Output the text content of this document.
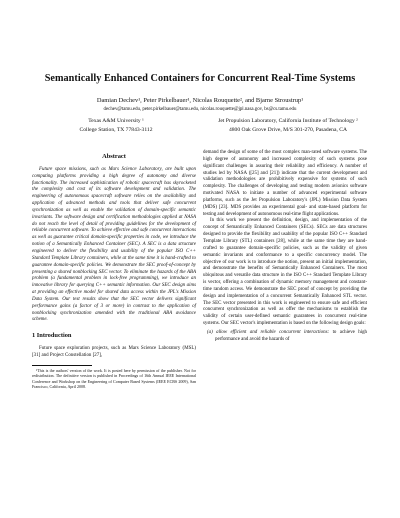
Semantically Enhanced Containers for Concurrent Real-Time Systems
Damian Dechev¹, Peter Pirkelbauer¹, Nicolas Rouquette², and Bjarne Stroustrup¹
dechev@tamu.edu, peter.pirkelbauer@tamu.edu, nicolas.rouquette@jpl.nasa.gov, bs@cs.tamu.edu
Texas A&M University ¹
College Station, TX 77843-3112
Jet Propulsion Laboratory, California Institute of Technology ²
4800 Oak Grove Drive, M/S 301-270, Pasadena, CA
Abstract

Future space missions, such as Mars Science Laboratory, are built upon computing platforms providing a high degree of autonomy and diverse functionality. The increased sophistication of robotic spacecraft has skyrocketed the complexity and cost of its software development and validation. The engineering of autonomous spacecraft software relies on the availability and application of advanced methods and tools that deliver safe concurrent synchronization as well as enable the validation of domain-specific semantic invariants. The software design and certification methodologies applied at NASA do not reach the level of detail of providing guidelines for the development of reliable concurrent software. To achieve effective and safe concurrent interactions as well as guarantee critical domain-specific properties in code, we introduce the notion of a Semantically Enhanced Container (SEC). A SEC is a data structure engineered to deliver the flexibility and usability of the popular ISO C++ Standard Template Library containers, while at the same time it is hand-crafted to guarantee domain-specific policies. We demonstrate the SEC proof-of-concept by presenting a shared nonblocking SEC vector. To eliminate the hazards of the ABA problem (a fundamental problem in lock-free programming), we introduce an innovative library for querying C++ semantic information. Our SEC design aims at providing an effective model for shared data access within the JPL's Mission Data System. Our test results show that the SEC vector delivers significant performance gains (a factor of 3 or more) in contrast to the application of nonblocking synchronization amended with the traditional ABA avoidance scheme.

1 Introduction

Future space exploration projects, such as Mars Science Laboratory (MSL) [31] and Project Constellation [27],

¹This is the authors' version of the work. It is posted here by permission of the publisher. Not for redistribution. The definitive version is published in Proceedings of 16th Annual IEEE International Conference and Workshop on the Engineering of Computer Based Systems (IEEE ECBS 2009), San Francisco, California, April 2008.

demand the design of some of the most complex man-rated software systems. The high degree of autonomy and increased complexity of such systems pose significant challenges in assuring their reliability and efficiency. A number of studies led by NASA ([25] and [21]) indicate that the current development and validation methodologies are prohibitively expensive for systems of such complexity. The challenges of developing and testing modern avionics software motivated NASA to initiate a number of advanced experimental software platforms, such as the Jet Propulsion Laboratory's (JPL) Mission Data System (MDS) [23]. MDS provides an experimental goal- and state-based platform for testing and development of autonomous real-time flight applications.

In this work we present the definition, design, and implementation of the concept of Semantically Enhanced Containers (SECs). SECs are data structures designed to provide the flexibility and usability of the popular ISO C++ Standard Template Library (STL) containers [28], while at the same time they are hand-crafted to guarantee domain-specific policies, such as the validity of given semantic invariants and conformance to a specific concurrency model. The objective of our work is to introduce the notion, present an initial implementation, and demonstrate the benefits of Semantically Enhanced Containers. The most ubiquitous and versatile data structure in the ISO C++ Standard Template Library is vector, offering a combination of dynamic memory management and constant-time random access. We demonstrate the SEC proof of concept by providing the design and implementation of a concurrent Semantically Enhanced STL vector. The SEC vector presented in this work is engineered to ensure safe and efficient concurrent synchronization as well as offer the mechanisms to establish the validity of certain user-defined semantic guarantees in concurrent real-time systems. Our SEC vector's implementation is based on the following design goals:

(a) allow efficient and reliable concurrent interactions: to achieve high performance and avoid the hazards of
